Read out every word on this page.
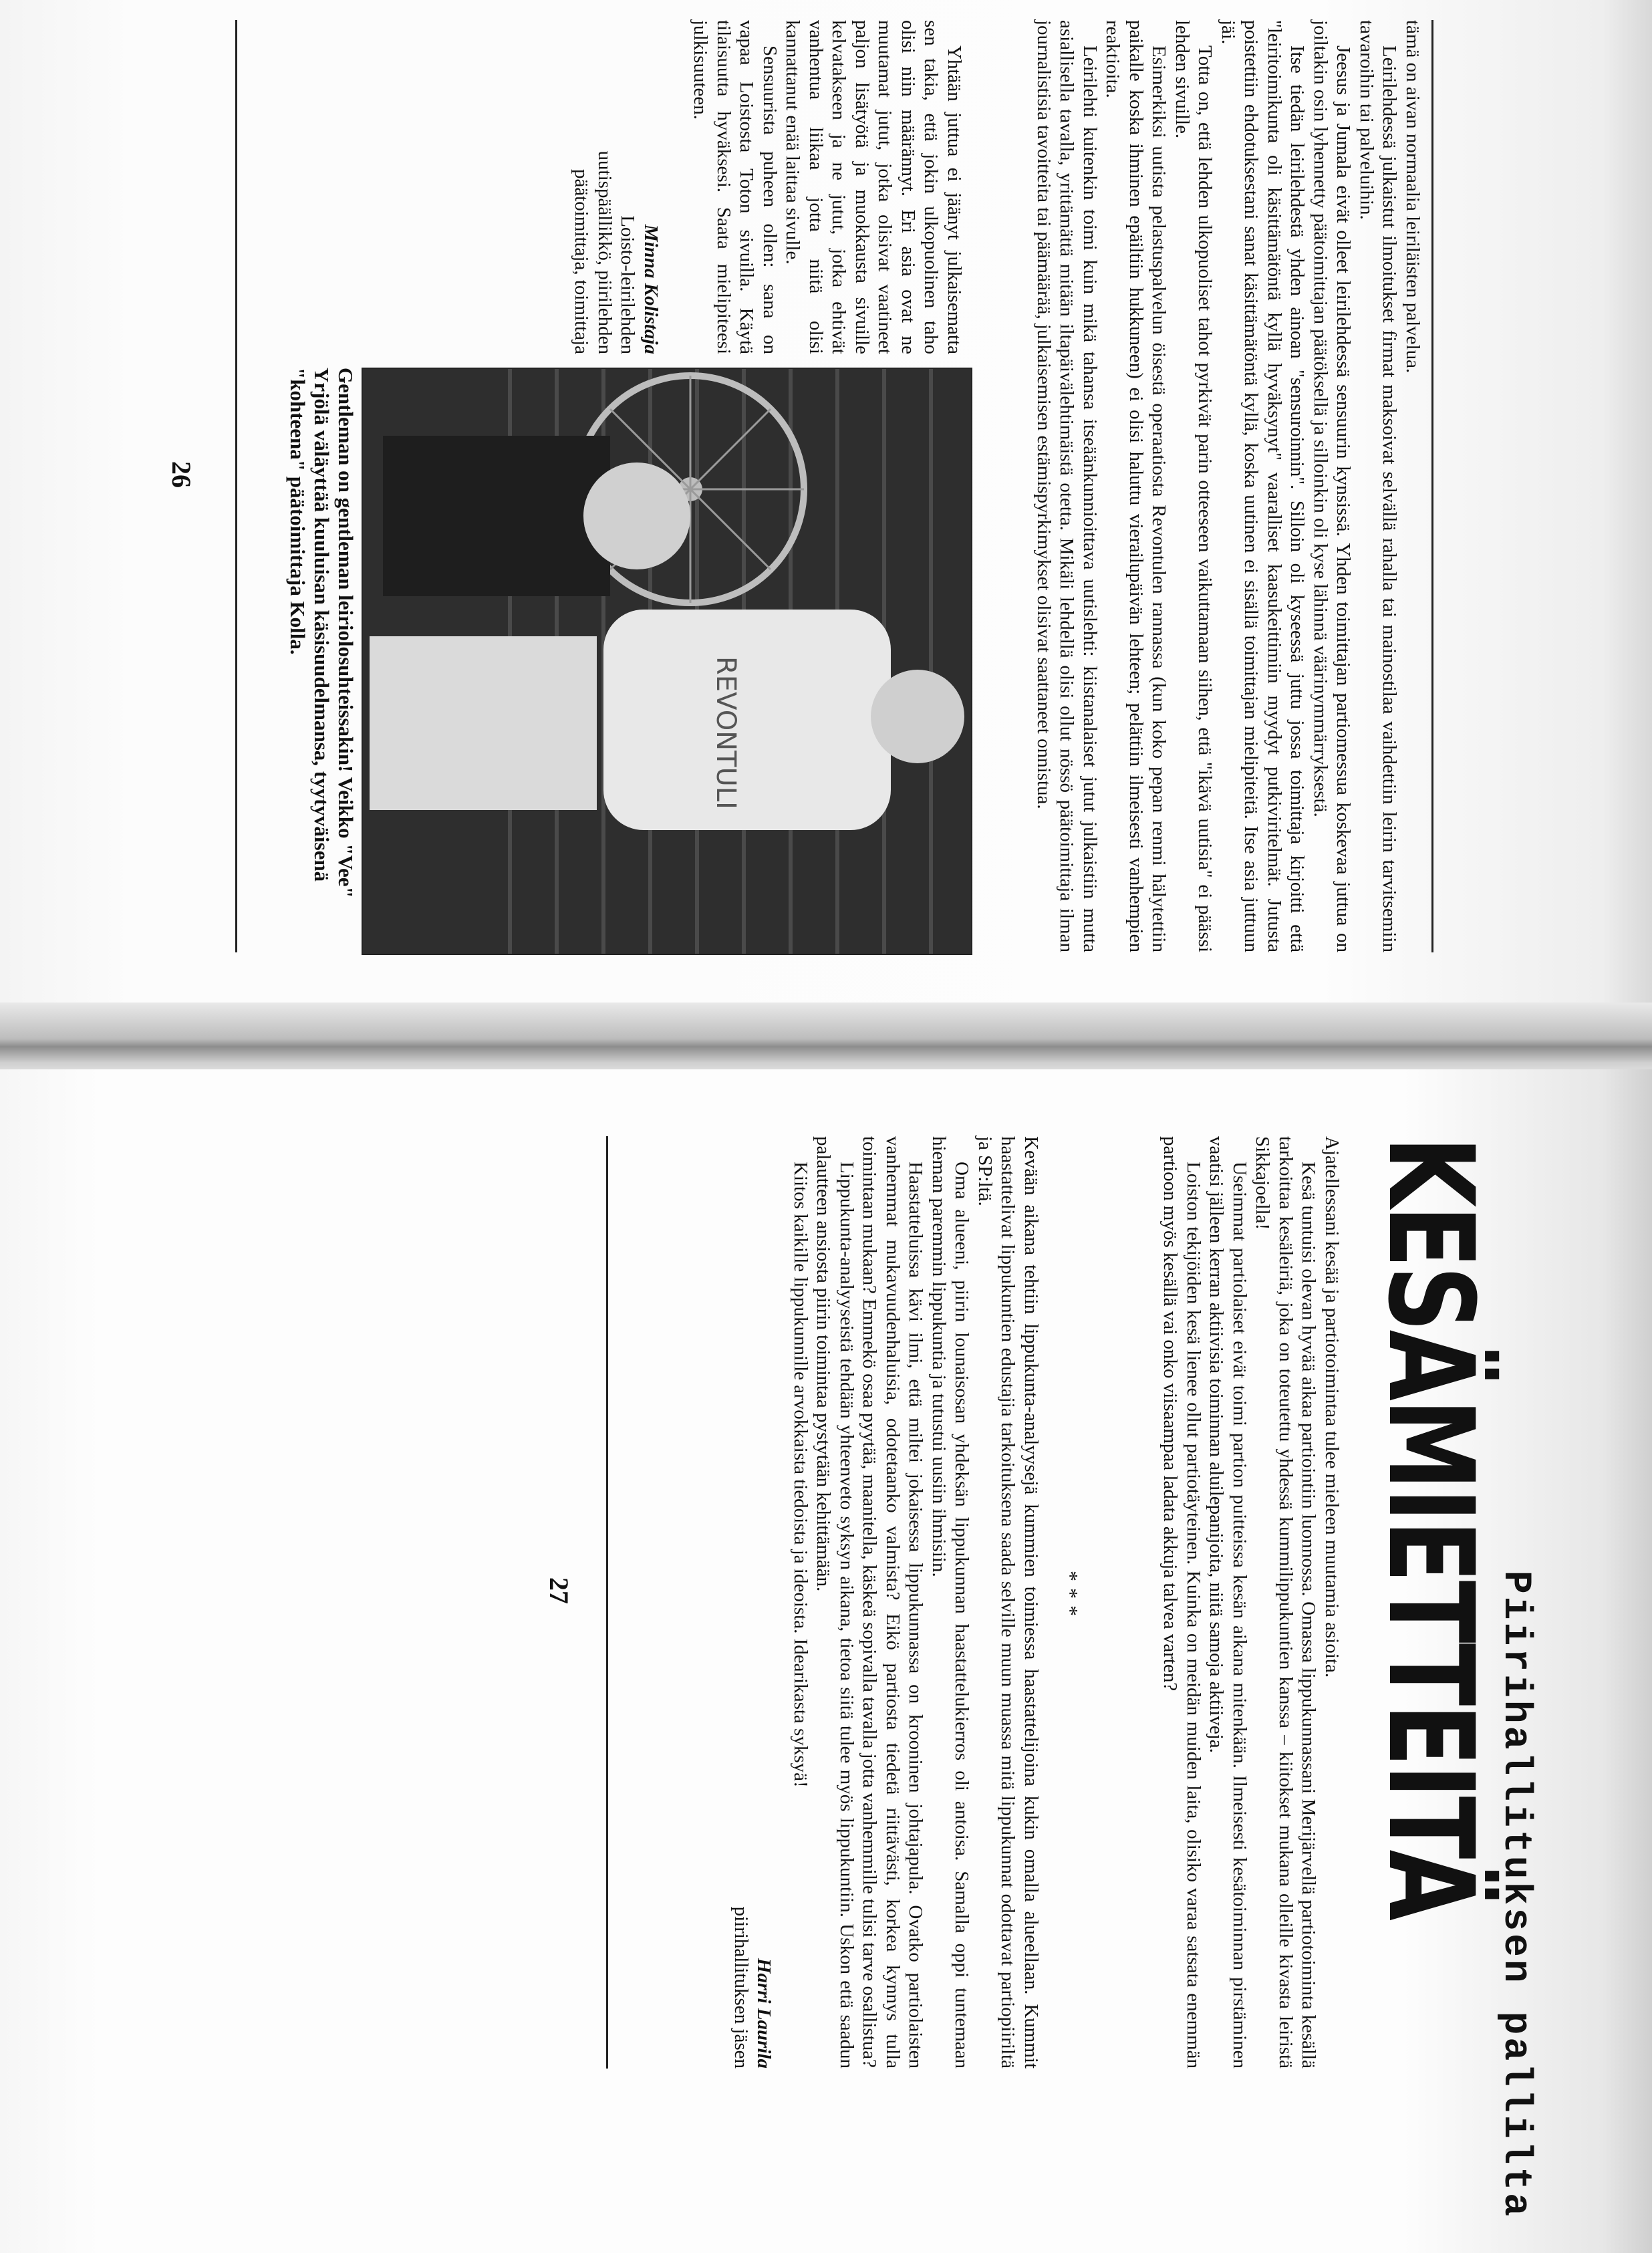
tämä on aivan normaalia leiriläisten palvelua.

Leirilehdessä julkaistut ilmoitukset firmat maksoivat selvällä rahalla tai mainostilaa vaihdettiin leirin tarvitsemiin tavaroihin tai palveluihin.

Jeesus ja Jumala eivät olleet leirilehdessä sensuurin kynsissä. Yhden toimittajan partiomessua koskevaa juttua on joiltakin osin lyhennetty päätoimittajan päätöksellä ja silloinkin oli kyse lähinnä väärinymmärryksestä.

Itse tiedän leirilehdestä yhden ainoan "sensuroinnin". Silloin oli kyseessä juttu jossa toimittaja kirjoitti että "leiritoimikunta oli käsittämätöntä kyllä hyväksynyt" vaaralliset kaasukeittimiin myydyt putkiviritelmät. Jutusta poistettiin ehdotuksestani sanat käsittämätöntä kyllä, koska uutinen ei sisällä toimittajan mielipiteitä. Itse asia juttuun jäi.

Totta on, että lehden ulkopuoliset tahot pyrkivät parin otteeseen vaikuttamaan siihen, että "ikävä uutisia" ei päässi lehden sivuille.

Esimerkiksi uutista pelastuspalvelun öisestä operaatiosta Revontulen rannassa (kun koko pepan renmi hälytettiin paikalle koska ihminen epäiltiin hukkuneen) ei olisi haluttu vierailupäivän lehteen; pelättiin ilmeisesti vanhempien reaktioita.

Leirilehti kuitenkin toimi kuin mikä tahansa itseäänkunnioittava uutislehti: kiistanalaiset jutut julkaistiin mutta asiallisella tavalla, yrittämättä mitään iltapäivälehtimäistä otetta. Mikäli lehdellä olisi ollut nössö päätoimittaja ilman journalistisia tavoitteita tai päämäärää, julkaisemisen estämispyrkimykset olisivat saattaneet onnistua.

REVONTULI

Yhtään juttua ei jäänyt julkaisematta sen takia, että jokin ulkopuolinen taho olisi niin määrännyt. Eri asia ovat ne muutamat jutut, jotka olisivat vaatineet paljon lisätyötä ja muokkausta sivuille kelvatakseen ja ne jutut, jotka ehtivät vanhentua liikaa jotta niitä olisi kannattanut enää laittaa sivulle.

Sensuurista puheen ollen: sana on vapaa Loistosta Toton sivuilla. Käytä tilaisuutta hyväksesi. Saata mielipiteesi julkisuuteen.

Minna Kolistaja
Loisto-leirilehden
uutispäällikkö, piirilehden
päätoimittaja, toimittaja
Gentleman on gentleman leiriolosuhteissakin! Veikko "Vee" Yrjölä väläyttää kuuluisan käsisuudelmansa, tyytyväisenä "kohteena" päätoimittaja Kolla.
26
Piirihallituksen pallilta
KESÄMIETTEITÄ

Ajatellessani kesää ja partiotoimintaa tulee mieleen muutamia asioita.

Kesä tuntuisi olevan hyvää aikaa partiointiin luonnossa. Omassa lippukunnassani Merijärvellä partiotoiminta kesällä tarkoittaa kesäleiriä, joka on toteutettu yhdessä kummilippukuntien kanssa – kiitokset mukana olleille kivasta leiristä Sikkajoella!

Useimmat partiolaiset eivät toimi partion puitteissa kesän aikana mitenkään. Ilmeisesti kesätoiminnan pirstäminen vaatisi jälleen kerran aktiivisia toiminnan aluilepanijoita, niitä samoja aktiiveja.

Loiston tekijöiden kesä lienee ollut partiotäyteinen. Kuinka on meidän muiden laita, olisiko varaa satsata enemmän partioon myös kesällä vai onko viisaampaa ladata akkuja talvea varten?

***

Kevään aikana tehtiin lippukunta-analyysejä kummien toimiessa haastattelijoina kukin omalla alueellaan. Kummit haastattelivat lippukuntien edustajia tarkoituksena saada selville muun muassa mitä lippukunnat odottavat partiopiiriltä ja SP:ltä.

Oma alueeni, piirin lounaisosan yhdeksän lippukunnan haastattelukierros oli antoisa. Samalla oppi tuntemaan hieman paremmin lippukuntia ja tutustui uusiin ihmisiin.

Haastatteluissa kävi ilmi, että miltei jokaisessa lippukunnassa on krooninen johtajapula. Ovatko partiolaisten vanhemmat mukavuudenhaluisia, odotetaanko valmista? Eikö partiosta tiedetä riittävästi, korkea kynnys tulla toimintaan mukaan? Emmekö osaa pyytää, maanitella, käskeä sopivalla tavalla jotta vanhemmille tulisi tarve osallistua?

Lippukunta-analyyseistä tehdään yhteenveto syksyn aikana, tietoa siitä tulee myös lippukuntiin. Uskon että saadun palautteen ansiosta piirin toimintaa pystytään kehittämään.

Kiitos kaikille lippukunnille arvokkaista tiedoista ja ideoista. Idearikasta syksyä!

Harri Laurila
piirihallituksen jäsen
27
